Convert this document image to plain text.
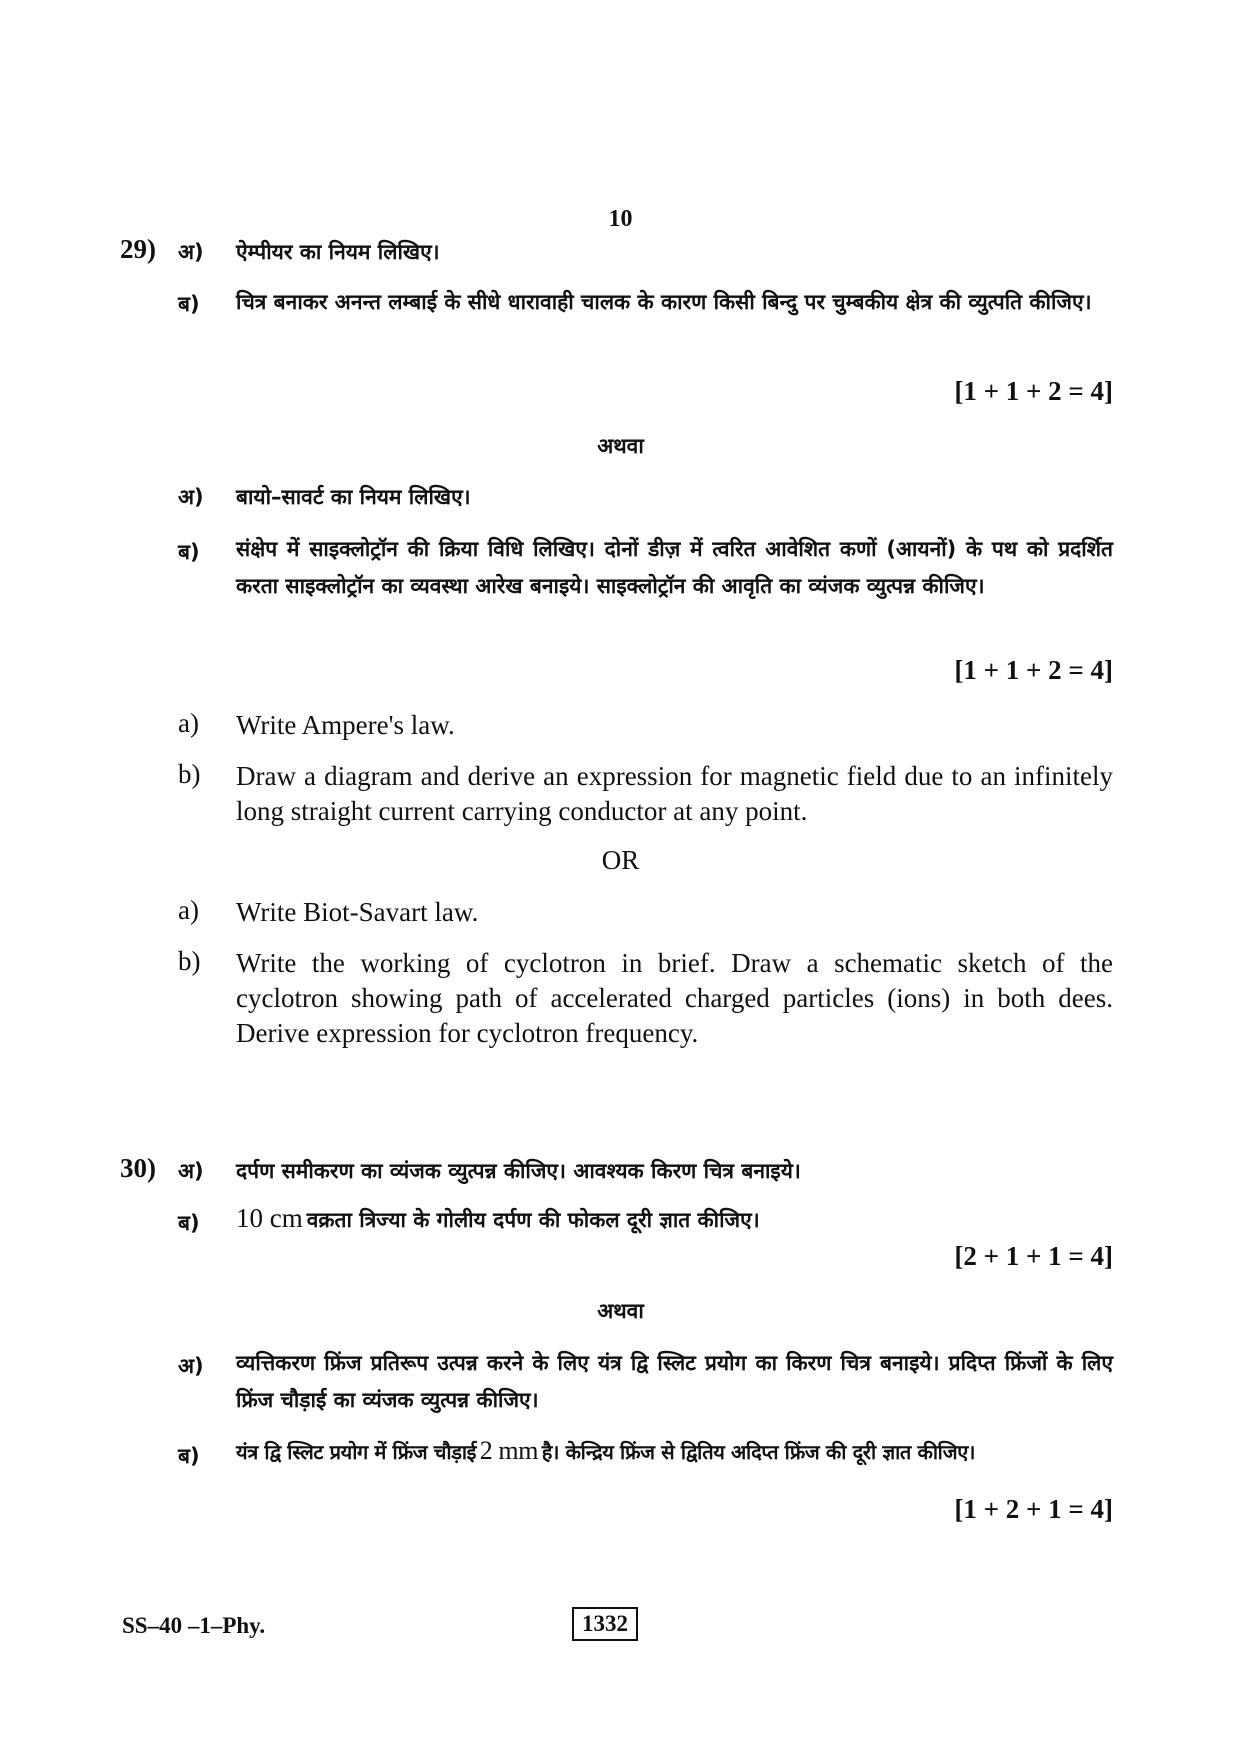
10
29) अ) ऐम्पीयर का नियम लिखिए।
ब) चित्र बनाकर अनन्त लम्बाई के सीधे धारावाही चालक के कारण किसी बिन्दु पर चुम्बकीय क्षेत्र की व्युत्पति कीजिए।
[1 + 1 + 2 = 4]
अथवा
अ) बायो–सावर्ट का नियम लिखिए।
ब) संक्षेप में साइक्लोट्रॉन की क्रिया विधि लिखिए। दोनों डीज़ में त्वरित आवेशित कणों (आयनों) के पथ को प्रदर्शित करता साइक्लोट्रॉन का व्यवस्था आरेख बनाइये। साइक्लोट्रॉन की आवृति का व्यंजक व्युत्पन्न कीजिए।
[1 + 1 + 2 = 4]
a) Write Ampere's law.
b) Draw a diagram and derive an expression for magnetic field due to an infinitely long straight current carrying conductor at any point.
OR
a) Write Biot-Savart law.
b) Write the working of cyclotron in brief. Draw a schematic sketch of the cyclotron showing path of accelerated charged particles (ions) in both dees. Derive expression for cyclotron frequency.
30) अ) दर्पण समीकरण का व्यंजक व्युत्पन्न कीजिए। आवश्यक किरण चित्र बनाइये।
ब) 10 cm वक्रता त्रिज्या के गोलीय दर्पण की फोकल दूरी ज्ञात कीजिए।
[2 + 1 + 1 = 4]
अथवा
अ) व्यत्तिकरण फ्रिंज प्रतिरूप उत्पन्न करने के लिए यंत्र द्वि स्लिट प्रयोग का किरण चित्र बनाइये। प्रदिप्त फ्रिंजों के लिए फ्रिंज चौड़ाई का व्यंजक व्युत्पन्न कीजिए।
ब) यंत्र द्वि स्लिट प्रयोग में फ्रिंज चौड़ाई 2 mm है। केन्द्रिय फ्रिंज से द्वितिय अदिप्त फ्रिंज की दूरी ज्ञात कीजिए।
[1 + 2 + 1 = 4]
SS–40 –1–Phy.	1332
